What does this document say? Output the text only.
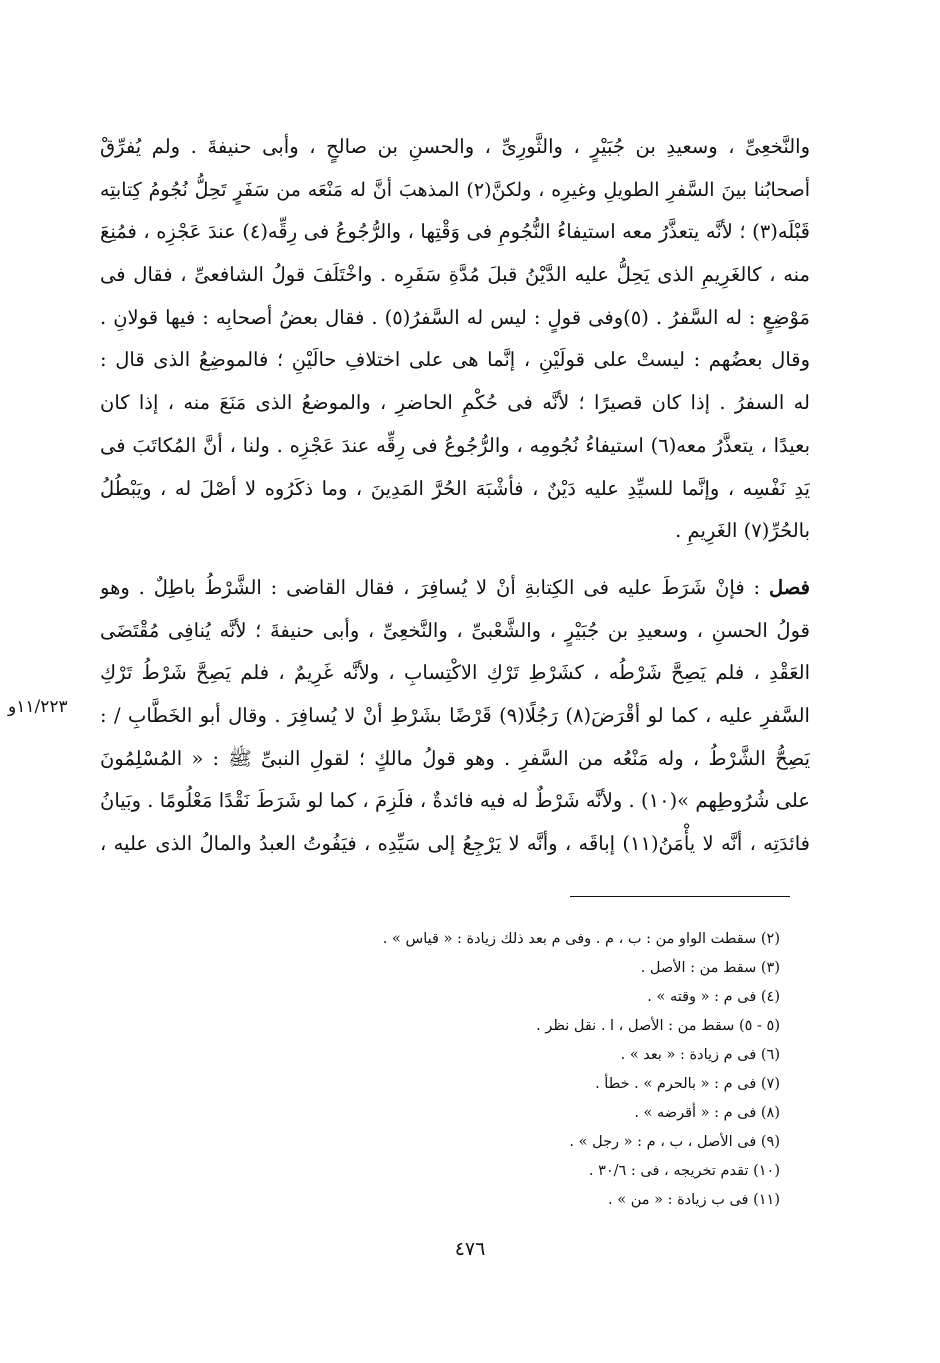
والنَّخعِىِّ ، وسعيدِ بن جُبَيْرٍ ، والثَّورِىِّ ، والحسنِ بن صالحٍ ، وأبى حنيفةَ . ولم يُفرِّقْ
أصحابُنا بينَ السَّفرِ الطويلِ وغيرِه ، ولكنَّ(٢) المذهبَ أنَّ له مَنْعَه من سَفَرٍ تَحِلُّ نُجُومُ كِتابتِه
قَبْلَه(٣) ؛ لأنَّه يتعذَّرُ معه استيفاءُ النُّجُومِ فى وَقْتِها ، والرُّجُوعُ فى رِقِّه(٤) عندَ عَجْزِه ، فمُنِعَ
منه ، كالغَرِيمِ الذى يَحِلُّ عليه الدَّيْنُ قبلَ مُدَّةِ سَفَرِه . واخْتَلَفَ قولُ الشافعىِّ ، فقال فى
مَوْضِعٍ : له السَّفرُ . (٥)وفى قولٍ : ليس له السَّفرُ(٥) . فقال بعضُ أصحابِه : فيها قولانِ .
وقال بعضُهم : ليستْ على قولَيْنِ ، إنَّما هى على اختلافِ حالَيْنِ ؛ فالموضِعُ الذى قال :
له السفرُ . إذا كان قصيرًا ؛ لأنَّه فى حُكْمِ الحاضرِ ، والموضعُ الذى مَنَعَ منه ، إذا كان
بعيدًا ، يتعذَّرُ معه(٦) استيفاءُ نُجُومِه ، والرُّجُوعُ فى رِقِّه عندَ عَجْزِه . ولنا ، أنَّ المُكاتَبَ فى
يَدِ نَفْسِه ، وإنَّما للسيِّدِ عليه دَيْنٌ ، فأشْبَهَ الحُرَّ المَدِينَ ، وما ذكَرُوه لا أصْلَ له ، ويَبْطُلُ
بالحُرِّ(٧) الغَرِيمِ .
فصل : فإنْ شَرَطَ عليه فى الكِتابةِ أنْ لا يُسافِرَ ، فقال القاضى : الشَّرْطُ باطِلٌ . وهو
قولُ الحسنِ ، وسعيدِ بن جُبَيْرٍ ، والشَّعْبىِّ ، والنَّخعِىِّ ، وأبى حنيفةَ ؛ لأنَّه يُنافِى مُقْتَضَى
العَقْدِ ، فلم يَصِحَّ شَرْطُه ، كشَرْطِ تَرْكِ الاكْتِسابِ ، ولأنَّه غَرِيمٌ ، فلم يَصِحَّ شَرْطُ تَرْكِ
السَّفرِ عليه ، كما لو أقْرَضَ(٨) رَجُلًا(٩) قَرْضًا بشَرْطِ أنْ لا يُسافِرَ . وقال أبو الخَطَّابِ / :
يَصِحُّ الشَّرْطُ ، وله مَنْعُه من السَّفرِ . وهو قولُ مالكٍ ؛ لقولِ النبىِّ ﷺ : « المُسْلِمُونَ
على شُرُوطِهم »(١٠) . ولأنَّه شَرْطٌ له فيه فائدةٌ ، فلَزِمَ ، كما لو شَرَطَ نَقْدًا مَعْلُومًا . وبَيانُ
فائدَتِه ، أنَّه لا يأْمَنُ(١١) إباقَه ، وأنَّه لا يَرْجِعُ إلى سَيِّدِه ، فيَفُوتُ العبدُ والمالُ الذى عليه ،
١١/٢٢٣و
(٢) سقطت الواو من : ب ، م . وفى م بعد ذلك زيادة : « قياس » .
(٣) سقط من : الأصل .
(٤) فى م : « وقته » .
(٥ - ٥) سقط من : الأصل ، ا . نقل نظر .
(٦) فى م زيادة : « بعد » .
(٧) فى م : « بالحرم » . خطأ .
(٨) فى م : « أقرضه » .
(٩) فى الأصل ، ب ، م : « رجل » .
(١٠) تقدم تخريجه ، فى : ٣٠/٦ .
(١١) فى ب زيادة : « من » .
٤٧٦
